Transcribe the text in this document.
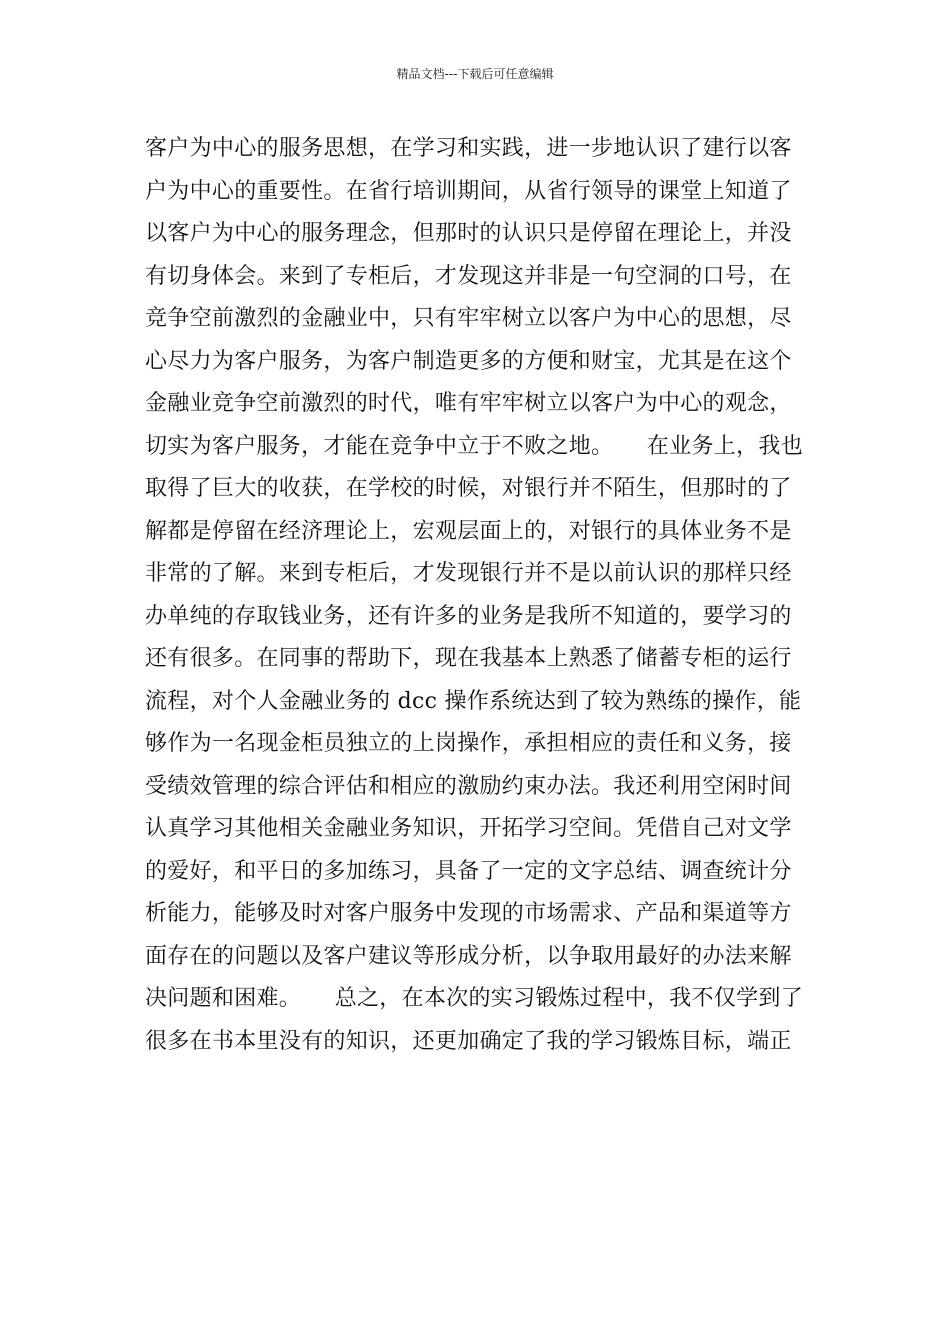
精品文档---下载后可任意编辑
客户为中心的服务思想，在学习和实践，进一步地认识了建行以客
户为中心的重要性。在省行培训期间，从省行领导的课堂上知道了
以客户为中心的服务理念，但那时的认识只是停留在理论上，并没
有切身体会。来到了专柜后，才发现这并非是一句空洞的口号，在
竞争空前激烈的金融业中，只有牢牢树立以客户为中心的思想，尽
心尽力为客户服务，为客户制造更多的方便和财宝，尤其是在这个
金融业竞争空前激烈的时代，唯有牢牢树立以客户为中心的观念，
切实为客户服务，才能在竞争中立于不败之地。　　在业务上，我也
取得了巨大的收获，在学校的时候，对银行并不陌生，但那时的了
解都是停留在经济理论上，宏观层面上的，对银行的具体业务不是
非常的了解。来到专柜后，才发现银行并不是以前认识的那样只经
办单纯的存取钱业务，还有许多的业务是我所不知道的，要学习的
还有很多。在同事的帮助下，现在我基本上熟悉了储蓄专柜的运行
流程，对个人金融业务的 dcc 操作系统达到了较为熟练的操作，能
够作为一名现金柜员独立的上岗操作，承担相应的责任和义务，接
受绩效管理的综合评估和相应的激励约束办法。我还利用空闲时间
认真学习其他相关金融业务知识，开拓学习空间。凭借自己对文学
的爱好，和平日的多加练习，具备了一定的文字总结、调查统计分
析能力，能够及时对客户服务中发现的市场需求、产品和渠道等方
面存在的问题以及客户建议等形成分析，以争取用最好的办法来解
决问题和困难。　　总之，在本次的实习锻炼过程中，我不仅学到了
很多在书本里没有的知识，还更加确定了我的学习锻炼目标，端正
